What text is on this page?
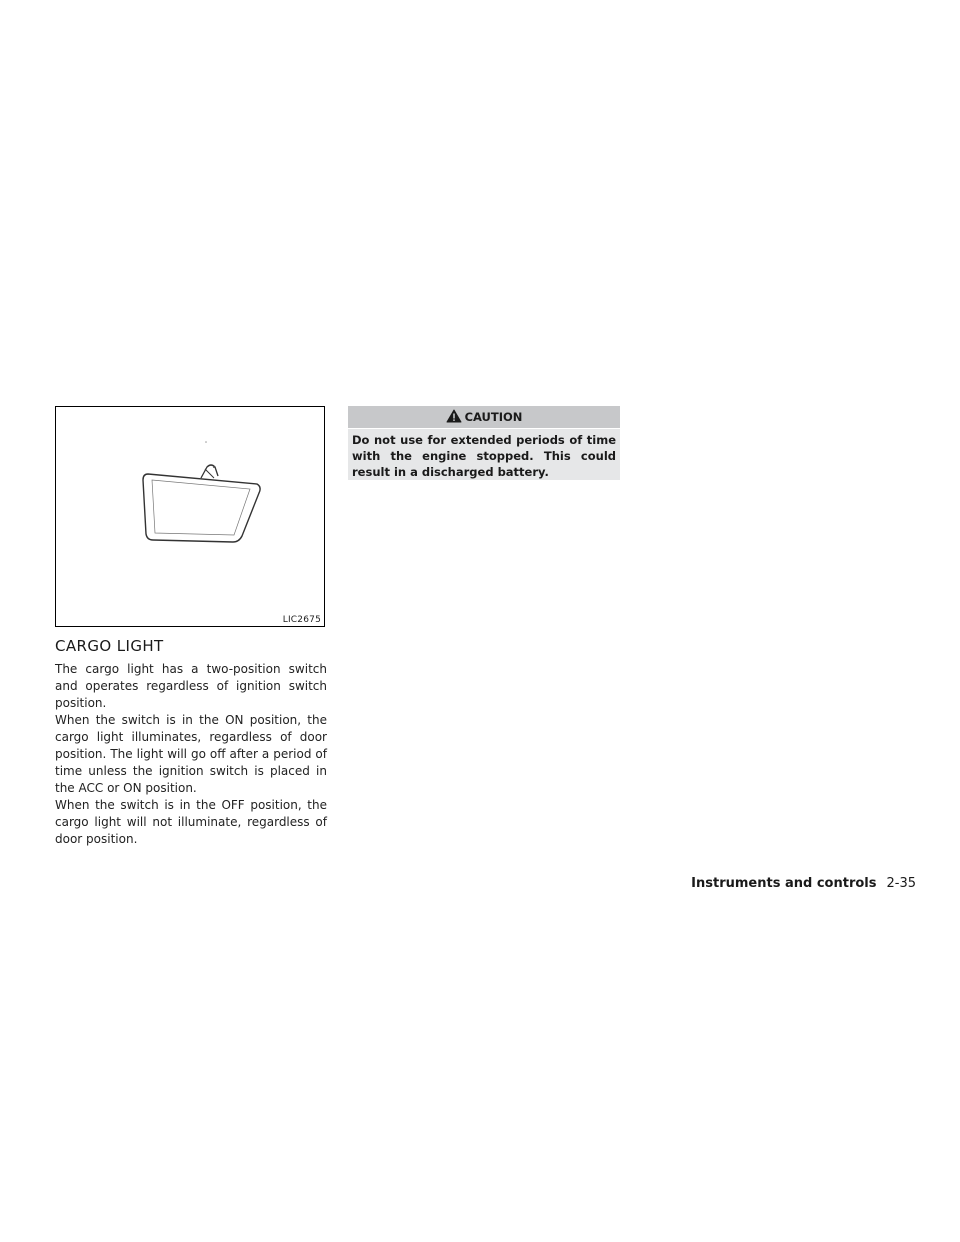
LIC2675
CARGO LIGHT

The cargo light has a two-position switch and operates regardless of ignition switch position.

When the switch is in the ON position, the cargo light illuminates, regardless of door position. The light will go off after a period of time unless the ignition switch is placed in the ACC or ON position.

When the switch is in the OFF position, the cargo light will not illuminate, regardless of door position.

CAUTION
Do not use for extended periods of time with the engine stopped. This could result in a discharged battery.
Instruments and controls 2-35
